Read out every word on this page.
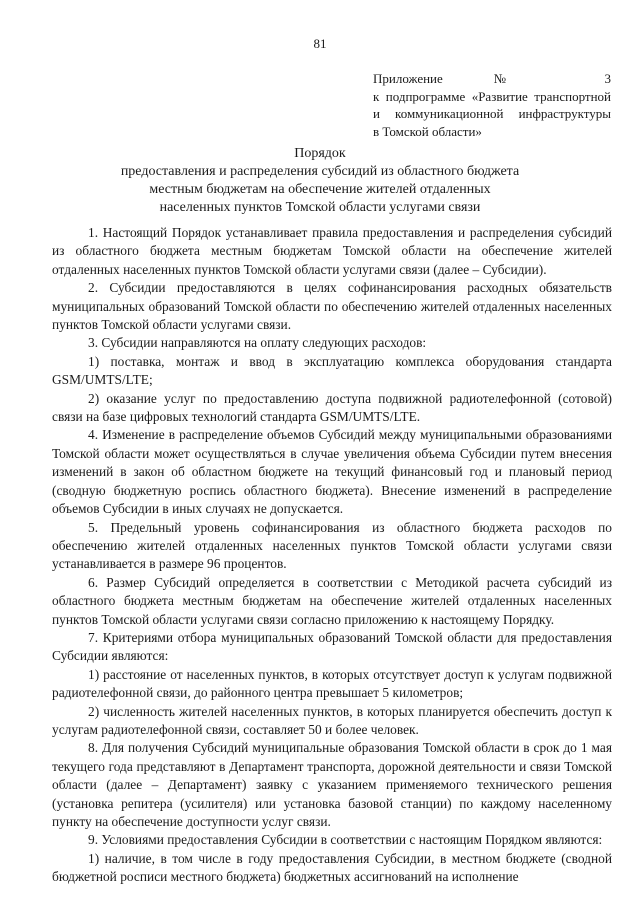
81
Приложение № 3
к подпрограмме «Развитие транспортной
и коммуникационной инфраструктуры
в Томской области»
Порядок
предоставления и распределения субсидий из областного бюджета
местным бюджетам на обеспечение жителей отдаленных
населенных пунктов Томской области услугами связи

1. Настоящий Порядок устанавливает правила предоставления и распределения субсидий из областного бюджета местным бюджетам Томской области на обеспечение жителей отдаленных населенных пунктов Томской области услугами связи (далее – Субсидии).

2. Субсидии предоставляются в целях софинансирования расходных обязательств муниципальных образований Томской области по обеспечению жителей отдаленных населенных пунктов Томской области услугами связи.

3. Субсидии направляются на оплату следующих расходов:

1) поставка, монтаж и ввод в эксплуатацию комплекса оборудования стандарта GSM/UMTS/LTE;

2) оказание услуг по предоставлению доступа подвижной радиотелефонной (сотовой) связи на базе цифровых технологий стандарта GSM/UMTS/LTE.

4. Изменение в распределение объемов Субсидий между муниципальными образованиями Томской области может осуществляться в случае увеличения объема Субсидии путем внесения изменений в закон об областном бюджете на текущий финансовый год и плановый период (сводную бюджетную роспись областного бюджета). Внесение изменений в распределение объемов Субсидии в иных случаях не допускается.

5. Предельный уровень софинансирования из областного бюджета расходов по обеспечению жителей отдаленных населенных пунктов Томской области услугами связи устанавливается в размере 96 процентов.

6. Размер Субсидий определяется в соответствии с Методикой расчета субсидий из областного бюджета местным бюджетам на обеспечение жителей отдаленных населенных пунктов Томской области услугами связи согласно приложению к настоящему Порядку.

7. Критериями отбора муниципальных образований Томской области для предоставления Субсидии являются:

1) расстояние от населенных пунктов, в которых отсутствует доступ к услугам подвижной радиотелефонной связи, до районного центра превышает 5 километров;

2) численность жителей населенных пунктов, в которых планируется обеспечить доступ к услугам радиотелефонной связи, составляет 50 и более человек.

8. Для получения Субсидий муниципальные образования Томской области в срок до 1 мая текущего года представляют в Департамент транспорта, дорожной деятельности и связи Томской области (далее – Департамент) заявку с указанием применяемого технического решения (установка репитера (усилителя) или установка базовой станции) по каждому населенному пункту на обеспечение доступности услуг связи.

9. Условиями предоставления Субсидии в соответствии с настоящим Порядком являются:

1) наличие, в том числе в году предоставления Субсидии, в местном бюджете (сводной бюджетной росписи местного бюджета) бюджетных ассигнований на исполнение
